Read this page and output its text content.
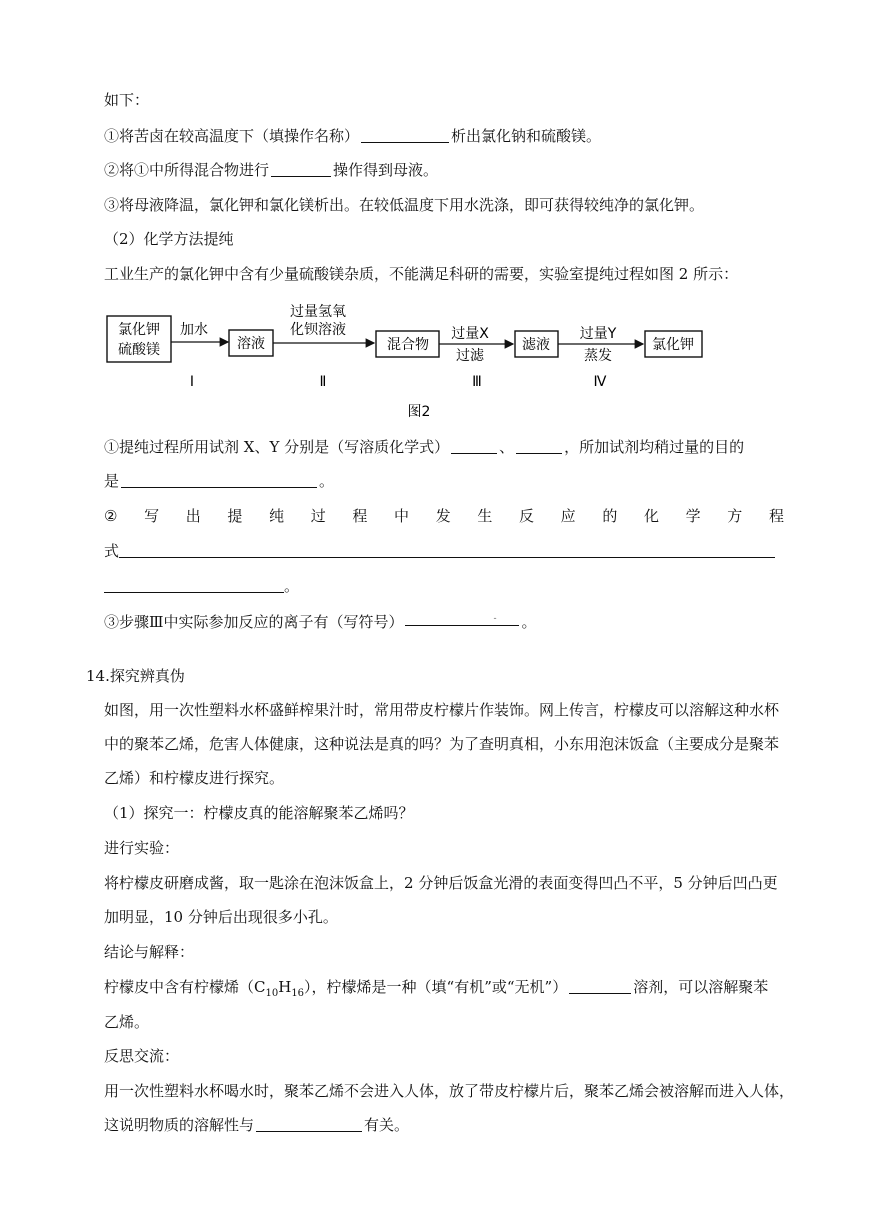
如下：
①将苦卤在较高温度下（填操作名称）	析出氯化钠和硫酸镁。
②将①中所得混合物进行	操作得到母液。
③将母液降温，氯化钾和氯化镁析出。在较低温度下用水洗涤，即可获得较纯净的氯化钾。
（2）化学方法提纯
工业生产的氯化钾中含有少量硫酸镁杂质，不能满足科研的需要，实验室提纯过程如图 2 所示：
氯化钾
硫酸镁
加水
溶液
过量氢氧
化钡溶液
混合物
过量X
过滤
滤液
过量Y
蒸发
氯化钾
Ⅰ	Ⅱ	Ⅲ	Ⅳ
图2
①提纯过程所用试剂 X、Y 分别是（写溶质化学式）	、	，所加试剂均稍过量的目的
是	。
② 写 出 提 纯 过 程 中 发 生 反 应 的 化 学 方 程
式
。
③步骤Ⅲ中实际参加反应的离子有（写符号）	- 。
14.探究辨真伪
如图，用一次性塑料水杯盛鲜榨果汁时，常用带皮柠檬片作装饰。网上传言，柠檬皮可以溶解这种水杯
中的聚苯乙烯，危害人体健康，这种说法是真的吗？为了查明真相，小东用泡沫饭盒（主要成分是聚苯
乙烯）和柠檬皮进行探究。
（1）探究一：柠檬皮真的能溶解聚苯乙烯吗？
进行实验：
将柠檬皮研磨成酱，取一匙涂在泡沫饭盒上，2 分钟后饭盒光滑的表面变得凹凸不平，5 分钟后凹凸更
加明显，10 分钟后出现很多小孔。
结论与解释：
柠檬皮中含有柠檬烯$(C_{10}H_{16})$，柠檬烯是一种（填“有机”或“无机”）	溶剂，可以溶解聚苯
乙烯。
反思交流：
用一次性塑料水杯喝水时，聚苯乙烯不会进入人体，放了带皮柠檬片后，聚苯乙烯会被溶解而进入人体，
这说明物质的溶解性与	有关。
